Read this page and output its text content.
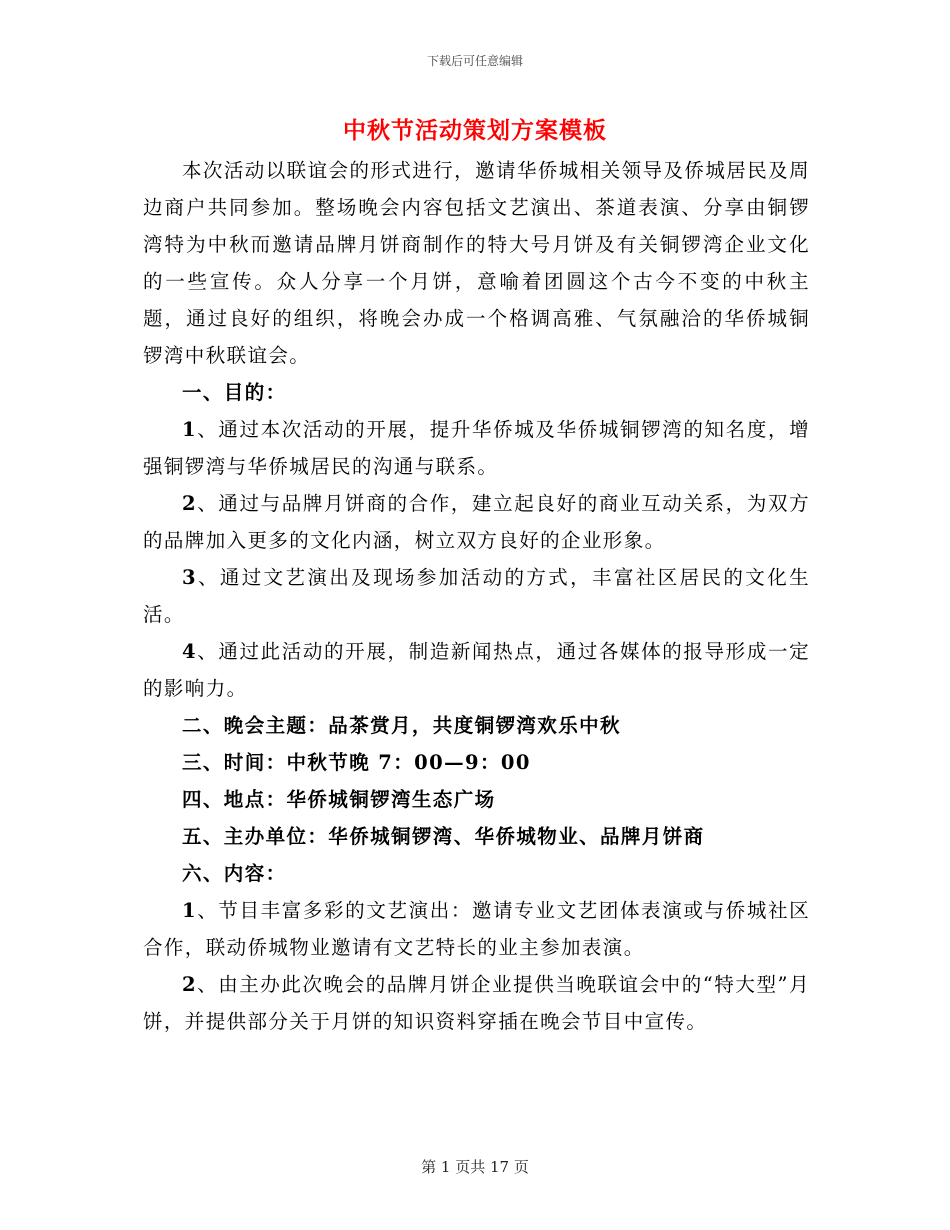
下载后可任意编辑
中秋节活动策划方案模板

本次活动以联谊会的形式进行，邀请华侨城相关领导及侨城居民及周边商户共同参加。整场晚会内容包括文艺演出、茶道表演、分享由铜锣湾特为中秋而邀请品牌月饼商制作的特大号月饼及有关铜锣湾企业文化的一些宣传。众人分享一个月饼，意喻着团圆这个古今不变的中秋主题，通过良好的组织，将晚会办成一个格调高雅、气氛融洽的华侨城铜锣湾中秋联谊会。

一、目的：

1、通过本次活动的开展，提升华侨城及华侨城铜锣湾的知名度，增强铜锣湾与华侨城居民的沟通与联系。

2、通过与品牌月饼商的合作，建立起良好的商业互动关系，为双方的品牌加入更多的文化内涵，树立双方良好的企业形象。

3、通过文艺演出及现场参加活动的方式，丰富社区居民的文化生活。

4、通过此活动的开展，制造新闻热点，通过各媒体的报导形成一定的影响力。

二、晚会主题：品茶赏月，共度铜锣湾欢乐中秋

三、时间：中秋节晚 7：00—9：00

四、地点：华侨城铜锣湾生态广场

五、主办单位：华侨城铜锣湾、华侨城物业、品牌月饼商

六、内容：

1、节目丰富多彩的文艺演出：邀请专业文艺团体表演或与侨城社区合作，联动侨城物业邀请有文艺特长的业主参加表演。

2、由主办此次晚会的品牌月饼企业提供当晚联谊会中的“特大型”月饼，并提供部分关于月饼的知识资料穿插在晚会节目中宣传。

第 1 页共 17 页
